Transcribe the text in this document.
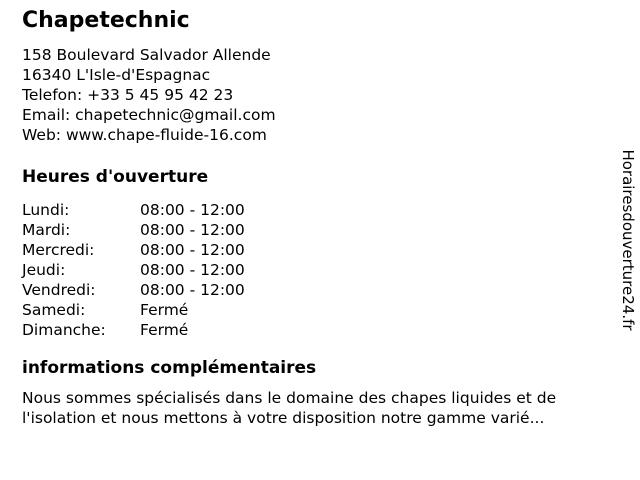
Chapetechnic
158 Boulevard Salvador Allende
16340 L'Isle-d'Espagnac
Telefon: +33 5 45 95 42 23
Email: chapetechnic@gmail.com
Web: www.chape-fluide-16.com
Heures d'ouverture
Lundi:	08:00 - 12:00
Mardi:	08:00 - 12:00
Mercredi:	08:00 - 12:00
Jeudi:	08:00 - 12:00
Vendredi:	08:00 - 12:00
Samedi:	Fermé
Dimanche: Fermé
informations complémentaires

Nous sommes spécialisés dans le domaine des chapes liquides et de l'isolation et nous mettons à votre disposition notre gamme varié...

Horairesdouverture24.fr
